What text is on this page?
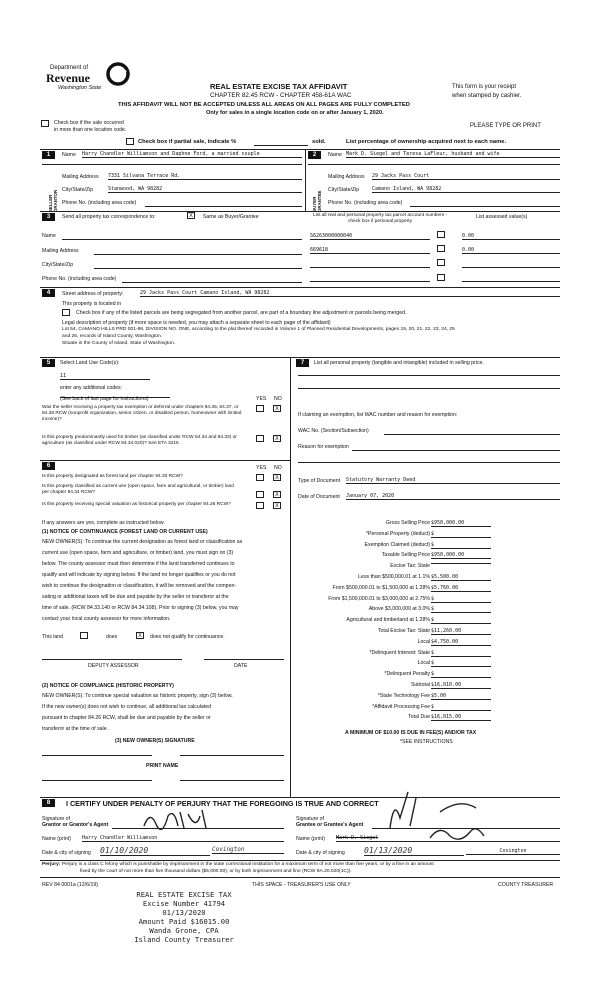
Department of
Revenue
Washington State	REAL ESTATE EXCISE TAX AFFIDAVIT
CHAPTER 82.45 RCW - CHAPTER 458-61A WAC
This form is your receipt
when stamped by cashier.
THIS AFFIDAVIT WILL NOT BE ACCEPTED UNLESS ALL AREAS ON ALL PAGES ARE FULLY COMPLETED
Only for sales in a single location code on or after January 1, 2020.
Check box if the sale occurred
in more than one location code.
PLEASE TYPE OR PRINT
Check box if partial sale, indicate %	sold.	List percentage of ownership acquired next to each name.
1	Name Harry Chandler Williamson and Daphne Ford, a married couple
SELLER GRANTOR
Mailing Address 7331 Silvana Terrace Rd.
City/State/Zip	Stanwood, WA 98282
Phone No. (including area code)
2	Name Mark D. Siegel and Teresa LaFleur, husband and wife
BUYER GRANTEE
Mailing Address 29 Jacks Pass Court
City/State/Zip	Camano Island, WA 98282
Phone No. (including area code)
3	Send all property tax correspondence to:	X	Same as Buyer/Grantee	List all real and personal property tax parcel account numbers - check box if personal property
List assessed value(s)
Name
Mailing Address
City/State/Zip
Phone No. (including area code)
S6263000000040	0.00
669618	0.00
4	Street address of property:	29 Jacks Pass Court Camano Island, WA 98282
This property is located in
Check box if any of the listed parcels are being segregated from another parcel, are part of a boundary line adjustment or parcels being merged.
Legal description of property (if more space is needed, you may attach a separate sheet to each page of the affidavit)
Lot 54, CAMANO HILLS PRD 001-98, DIVISION NO. ONE, according to the plat thereof recorded in Volume 1 of Planned Residential Developments, pages 19, 20, 21, 22, 23, 24, 25
and 26, records of Island County, Washington.
Situate in the County of Island, State of Washington.
5	Select Land Use Code(s):
11
enter any additional codes:
(See back of last page for instructions)	YES NO
Was the seller receiving a property tax exemption or deferral under chapters 84.36, 84.37, or 84.38 RCW (nonprofit organization, senior citizen, or disabled person, homeowner with limited income)?
X
Is this property predominantly used for timber (as classified under RCW 84.34 and 84.33) or agriculture (as classified under RCW 84.34.020)? See ETA 3215
X
7	List all personal property (tangible and intangible) included in selling price.
If claiming an exemption, list WAC number and reason for exemption:
WAC No. (Section/Subsection)
Reason for exemption
6	YES NO
Is this property designated as forest land per chapter 84.33 RCW?	X
Is this property classified as current use (open space, farm and agricultural, or timber) land per chapter 84.34 RCW?	X
Is this property receiving special valuation as historical property per chapter 84.26 RCW?	X
If any answers are yes, complete as instructed below.
(1) NOTICE OF CONTINUANCE (FOREST LAND OR CURRENT USE)
NEW OWNER(S): To continue the current designation as forest land or classification as
current use (open space, farm and agriculture, or timber) land, you must sign on (3)
below. The county assessor must then determine if the land transferred continues to
qualify and will indicate by signing below. If the land no longer qualifies or you do not
wish to continue the designation or classification, it will be removed and the compen-
sating or additional taxes will be due and payable by the seller or transferor at the
time of sale. (RCW 84.33.140 or RCW 84.34.108). Prior to signing (3) below, you may
contact your local county assessor for more information.
This land	does	X	does not qualify for continuance.
DEPUTY ASSESSOR	DATE
(2) NOTICE OF COMPLIANCE (HISTORIC PROPERTY)
NEW OWNER(S): To continue special valuation as historic property, sign (3) below.
If the new owner(s) does not wish to continue, all additional tax calculated
pursuant to chapter 84.26 RCW, shall be due and payable by the seller or
transferor at the time of sale.
(3) NEW OWNER(S) SIGNATURE
PRINT NAME
Type of Document Statutory Warranty Deed
Date of Document January 07, 2020
Gross Selling Price $950,000.00
*Personal Property (deduct) $
Exemption Claimed (deduct) $
Taxable Selling Price $950,000.00
Excise Tax: State
Less than $500,000.01 at 1.1% $5,500.00
From $500,000.01 to $1,500,000 at 1.28% $5,760.00
From $1,500,000.01 to $3,000,000 at 2.75% $
Above $3,000,000 at 3.0% $
Agricultural and timberland at 1.28% $
Total Excise Tax: State $11,260.00
Local $4,750.00
*Delinquent Interest: State $
Local $
*Delinquent Penalty $
Subtotal $16,010.00
*State Technology Fee $5.00
*Affidavit Processing Fee $
Total Due $16,015.00
A MINIMUM OF $10.00 IS DUE IN FEE(S) AND/OR TAX
*SEE INSTRUCTIONS
8	I CERTIFY UNDER PENALTY OF PERJURY THAT THE FOREGOING IS TRUE AND CORRECT
Signature of
Grantor or Grantor's Agent
Name (print) Harry Chandler Williamson
Date & city of signing 01/10/2020	Covington
Signature of
Grantee or Grantee's Agent
Name (print) Mark D. Siegel
Date & city of signing 01/13/2020	Covington
Perjury: Perjury is a class C felony which is punishable by imprisonment in the state correctional institution for a maximum term of not more than five years, or by a fine in an amount
fixed by the court of not more than five thousand dollars ($5,000.00), or by both imprisonment and fine (RCW 9A.20.020(1C)).
REV 84 0001a (12/6/19)	THIS SPACE - TREASURER'S USE ONLY	COUNTY TREASURER
REAL ESTATE EXCISE TAX
Excise Number 41794
01/13/2020
Amount Paid $16015.00
Wanda Grone, CPA
Island County Treasurer
